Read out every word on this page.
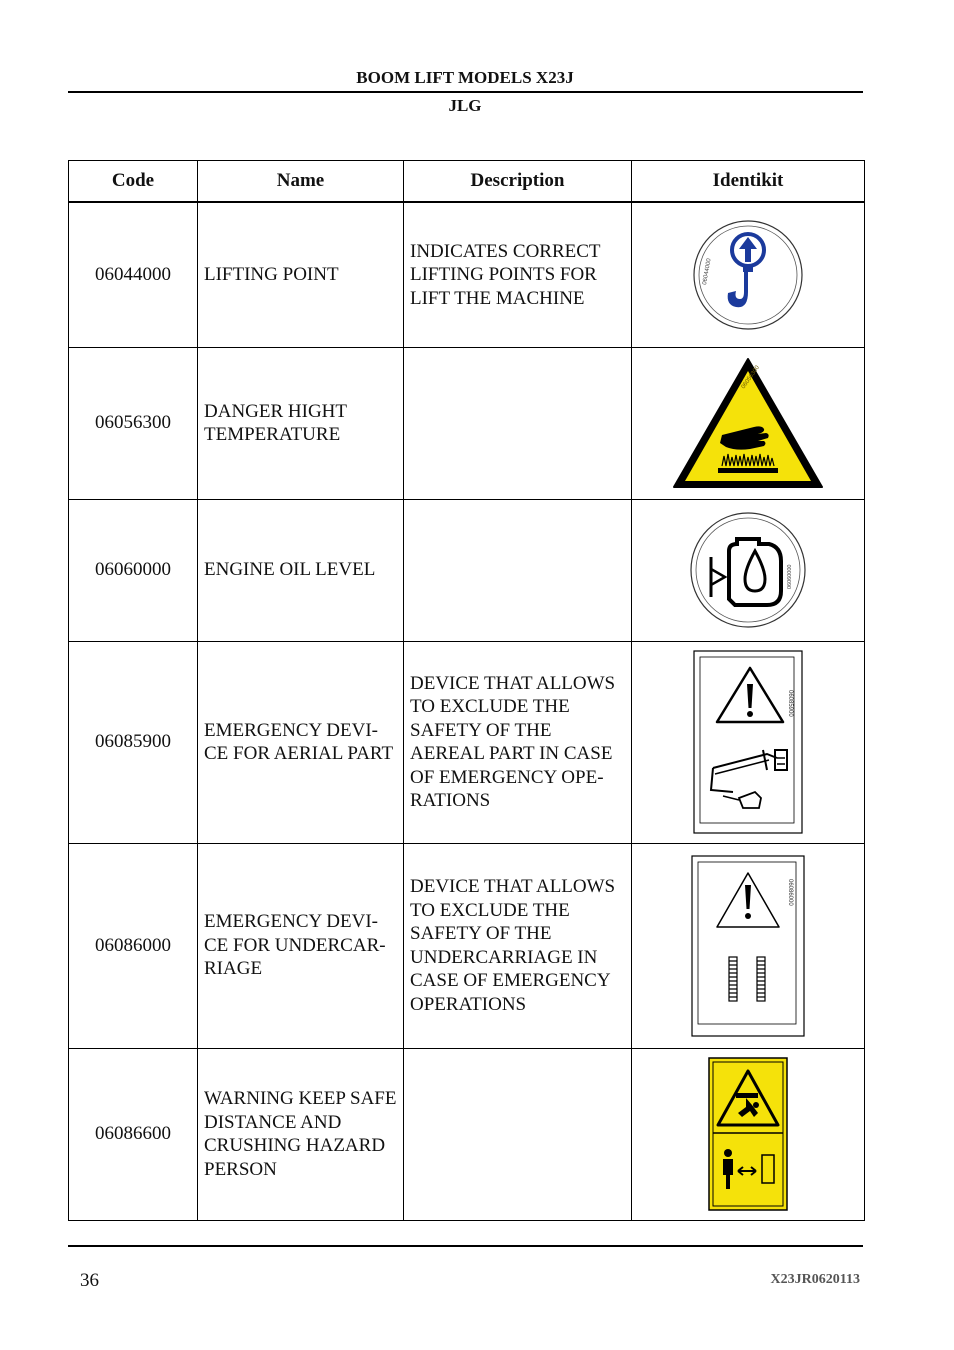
BOOM LIFT MODELS X23J
JLG
Code	Name	Description	Identikit
06044000	LIFTING POINT	INDICATES CORRECT LIFTING POINTS FOR LIFT THE MACHINE	06044000

06056300	DANGER HIGHT TEMPERATURE		06056300

06060000	ENGINE OIL LEVEL		06060000

06085900	EMERGENCY DEVI-CE FOR AERIAL PART	DEVICE THAT ALLOWS TO EXCLUDE THE SAFETY OF THE AEREAL PART IN CASE OF EMERGENCY OPE-RATIONS	06085900

06086000	EMERGENCY DEVI-CE FOR UNDERCAR-RIAGE	DEVICE THAT ALLOWS TO EXCLUDE THE SAFETY OF THE UNDERCARRIAGE IN CASE OF EMERGENCY OPERATIONS	06086000

06086600	WARNING KEEP SAFE DISTANCE AND CRUSHING HAZARD PERSON		
36	X23JR0620113
